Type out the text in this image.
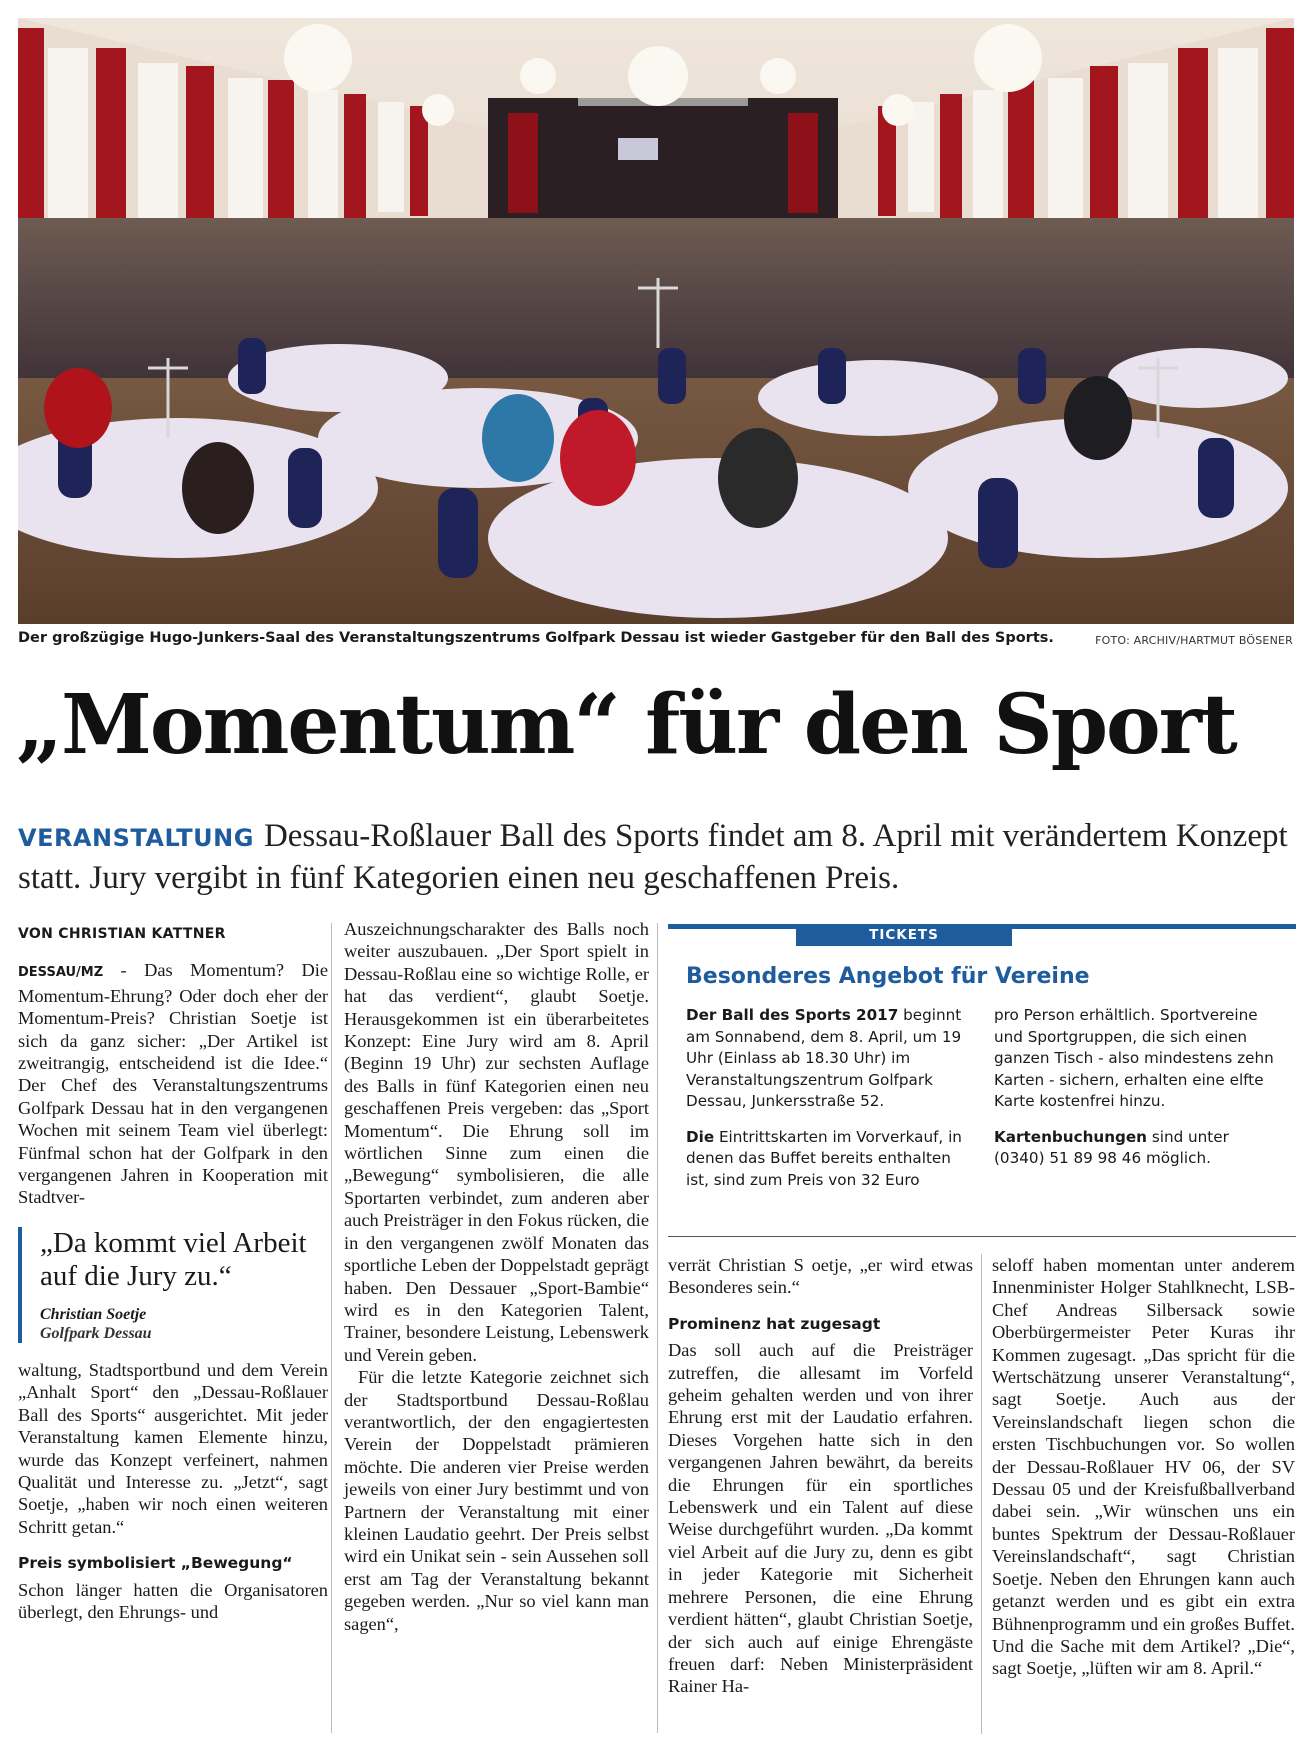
Der großzügige Hugo-Junkers-Saal des Veranstaltungszentrums Golfpark Dessau ist wieder Gastgeber für den Ball des Sports.	FOTO: ARCHIV/HARTMUT BÖSENER
„Momentum“ für den Sport
VERANSTALTUNG Dessau-Roßlauer Ball des Sports findet am 8. April mit verändertem Konzept statt. Jury vergibt in fünf Kategorien einen neu geschaffenen Preis.
VON CHRISTIAN KATTNER

DESSAU/MZ - Das Momentum? Die Momentum-Ehrung? Oder doch eher der Momentum-Preis? Christian Soetje ist sich da ganz sicher: „Der Artikel ist zweitrangig, entscheidend ist die Idee.“ Der Chef des Veranstaltungszentrums Golfpark Dessau hat in den vergangenen Wochen mit seinem Team viel überlegt: Fünfmal schon hat der Golfpark in den vergangenen Jahren in Kooperation mit Stadtver-

„Da kommt viel Arbeit auf die Jury zu.“
Christian Soetje
Golfpark Dessau

waltung, Stadtsportbund und dem Verein „Anhalt Sport“ den „Dessau-Roßlauer Ball des Sports“ ausgerichtet. Mit jeder Veranstaltung kamen Elemente hinzu, wurde das Konzept verfeinert, nahmen Qualität und Interesse zu. „Jetzt“, sagt Soetje, „haben wir noch einen weiteren Schritt getan.“

Preis symbolisiert „Bewegung“

Schon länger hatten die Organisatoren überlegt, den Ehrungs- und

Auszeichnungscharakter des Balls noch weiter auszubauen. „Der Sport spielt in Dessau-Roßlau eine so wichtige Rolle, er hat das verdient“, glaubt Soetje. Herausgekommen ist ein überarbeitetes Konzept: Eine Jury wird am 8. April (Beginn 19 Uhr) zur sechsten Auflage des Balls in fünf Kategorien einen neu geschaffenen Preis vergeben: das „Sport Momentum“. Die Ehrung soll im wörtlichen Sinne zum einen die „Bewegung“ symbolisieren, die alle Sportarten verbindet, zum anderen aber auch Preisträger in den Fokus rücken, die in den vergangenen zwölf Monaten das sportliche Leben der Doppelstadt geprägt haben. Den Dessauer „Sport-Bambie“ wird es in den Kategorien Talent, Trainer, besondere Leistung, Lebenswerk und Verein geben.

Für die letzte Kategorie zeichnet sich der Stadtsportbund Dessau-Roßlau verantwortlich, der den engagiertesten Verein der Doppelstadt prämieren möchte. Die anderen vier Preise werden jeweils von einer Jury bestimmt und von Partnern der Veranstaltung mit einer kleinen Laudatio geehrt. Der Preis selbst wird ein Unikat sein - sein Aussehen soll erst am Tag der Veranstaltung bekannt gegeben werden. „Nur so viel kann man sagen“,

TICKETS
Besonderes Angebot für Vereine

Der Ball des Sports 2017 beginnt am Sonnabend, dem 8. April, um 19 Uhr (Einlass ab 18.30 Uhr) im Veranstaltungszentrum Golfpark Dessau, Junkersstraße 52.

Die Eintrittskarten im Vorverkauf, in denen das Buffet bereits enthalten ist, sind zum Preis von 32 Euro

pro Person erhältlich. Sportvereine und Sportgruppen, die sich einen ganzen Tisch - also mindestens zehn Karten - sichern, erhalten eine elfte Karte kostenfrei hinzu.

Kartenbuchungen sind unter (0340) 51 89 98 46 möglich.

verrät Christian S oetje, „er wird etwas Besonderes sein.“

Prominenz hat zugesagt

Das soll auch auf die Preisträger zutreffen, die allesamt im Vorfeld geheim gehalten werden und von ihrer Ehrung erst mit der Laudatio erfahren. Dieses Vorgehen hatte sich in den vergangenen Jahren bewährt, da bereits die Ehrungen für ein sportliches Lebenswerk und ein Talent auf diese Weise durchgeführt wurden. „Da kommt viel Arbeit auf die Jury zu, denn es gibt in jeder Kategorie mit Sicherheit mehrere Personen, die eine Ehrung verdient hätten“, glaubt Christian Soetje, der sich auch auf einige Ehrengäste freuen darf: Neben Ministerpräsident Rainer Ha-

seloff haben momentan unter anderem Innenminister Holger Stahlknecht, LSB-Chef Andreas Silbersack sowie Oberbürgermeister Peter Kuras ihr Kommen zugesagt. „Das spricht für die Wertschätzung unserer Veranstaltung“, sagt Soetje. Auch aus der Vereinslandschaft liegen schon die ersten Tischbuchungen vor. So wollen der Dessau-Roßlauer HV 06, der SV Dessau 05 und der Kreisfußballverband dabei sein. „Wir wünschen uns ein buntes Spektrum der Dessau-Roßlauer Vereinslandschaft“, sagt Christian Soetje. Neben den Ehrungen kann auch getanzt werden und es gibt ein extra Bühnenprogramm und ein großes Buffet. Und die Sache mit dem Artikel? „Die“, sagt Soetje, „lüften wir am 8. April.“
